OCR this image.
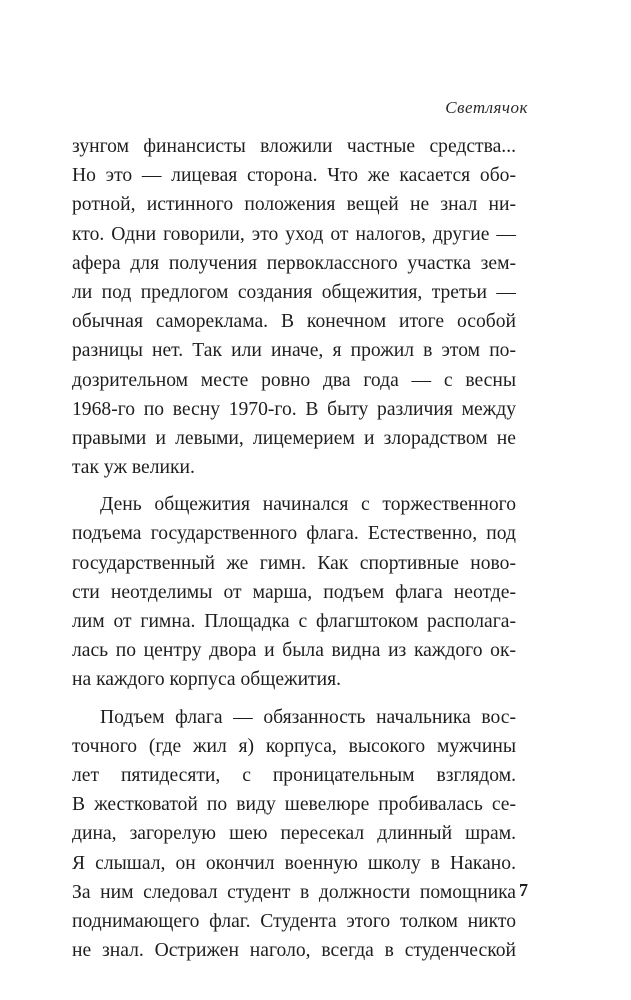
Светлячок
зунгом финансисты вложили частные средства...
Но это — лицевая сторона. Что же касается обо-
ротной, истинного положения вещей не знал ни-
кто. Одни говорили, это уход от налогов, другие —
афера для получения первоклассного участка зем-
ли под предлогом создания общежития, третьи —
обычная самореклама. В конечном итоге особой
разницы нет. Так или иначе, я прожил в этом по-
дозрительном месте ровно два года — с весны
1968-го по весну 1970-го. В быту различия между
правыми и левыми, лицемерием и злорадством не
так уж велики.
День общежития начинался с торжественного
подъема государственного флага. Естественно, под
государственный же гимн. Как спортивные ново-
сти неотделимы от марша, подъем флага неотде-
лим от гимна. Площадка с флагштоком располага-
лась по центру двора и была видна из каждого ок-
на каждого корпуса общежития.
Подъем флага — обязанность начальника вос-
точного (где жил я) корпуса, высокого мужчины
лет пятидесяти, с проницательным взглядом.
В жестковатой по виду шевелюре пробивалась се-
дина, загорелую шею пересекал длинный шрам.
Я слышал, он окончил военную школу в Накано.
За ним следовал студент в должности помощника
поднимающего флаг. Студента этого толком никто
не знал. Острижен наголо, всегда в студенческой
7
